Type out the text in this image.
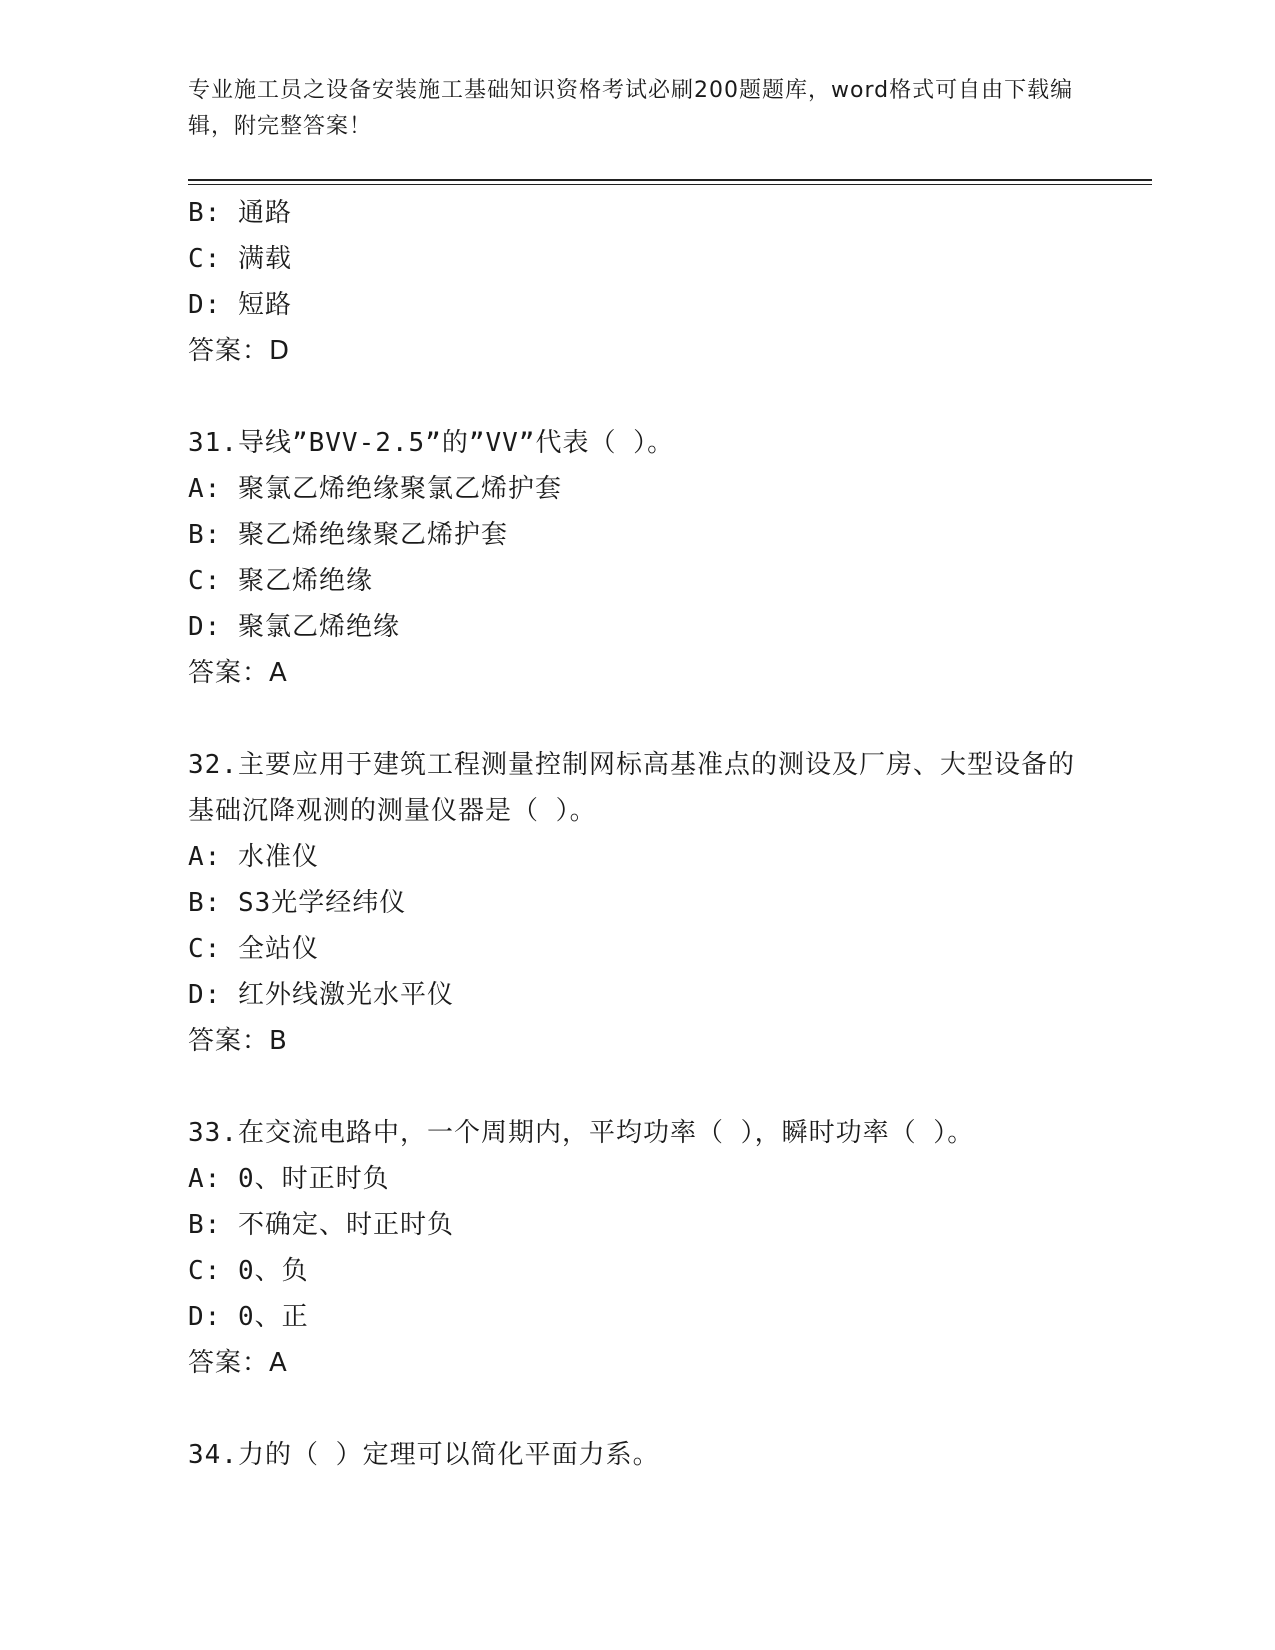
专业施工员之设备安装施工基础知识资格考试必刷200题题库，word格式可自由下载编辑，附完整答案！
B: 通路
C: 满载
D: 短路
答案：D
31.导线”BVV-2.5”的”VV”代表（ ）。
A: 聚氯乙烯绝缘聚氯乙烯护套
B: 聚乙烯绝缘聚乙烯护套
C: 聚乙烯绝缘
D: 聚氯乙烯绝缘
答案：A
32.主要应用于建筑工程测量控制网标高基准点的测设及厂房、大型设备的基础沉降观测的测量仪器是（ ）。
A: 水准仪
B: S3光学经纬仪
C: 全站仪
D: 红外线激光水平仪
答案：B
33.在交流电路中，一个周期内，平均功率（ ），瞬时功率（ ）。
A: 0、时正时负
B: 不确定、时正时负
C: 0、负
D: 0、正
答案：A
34.力的（ ）定理可以简化平面力系。
